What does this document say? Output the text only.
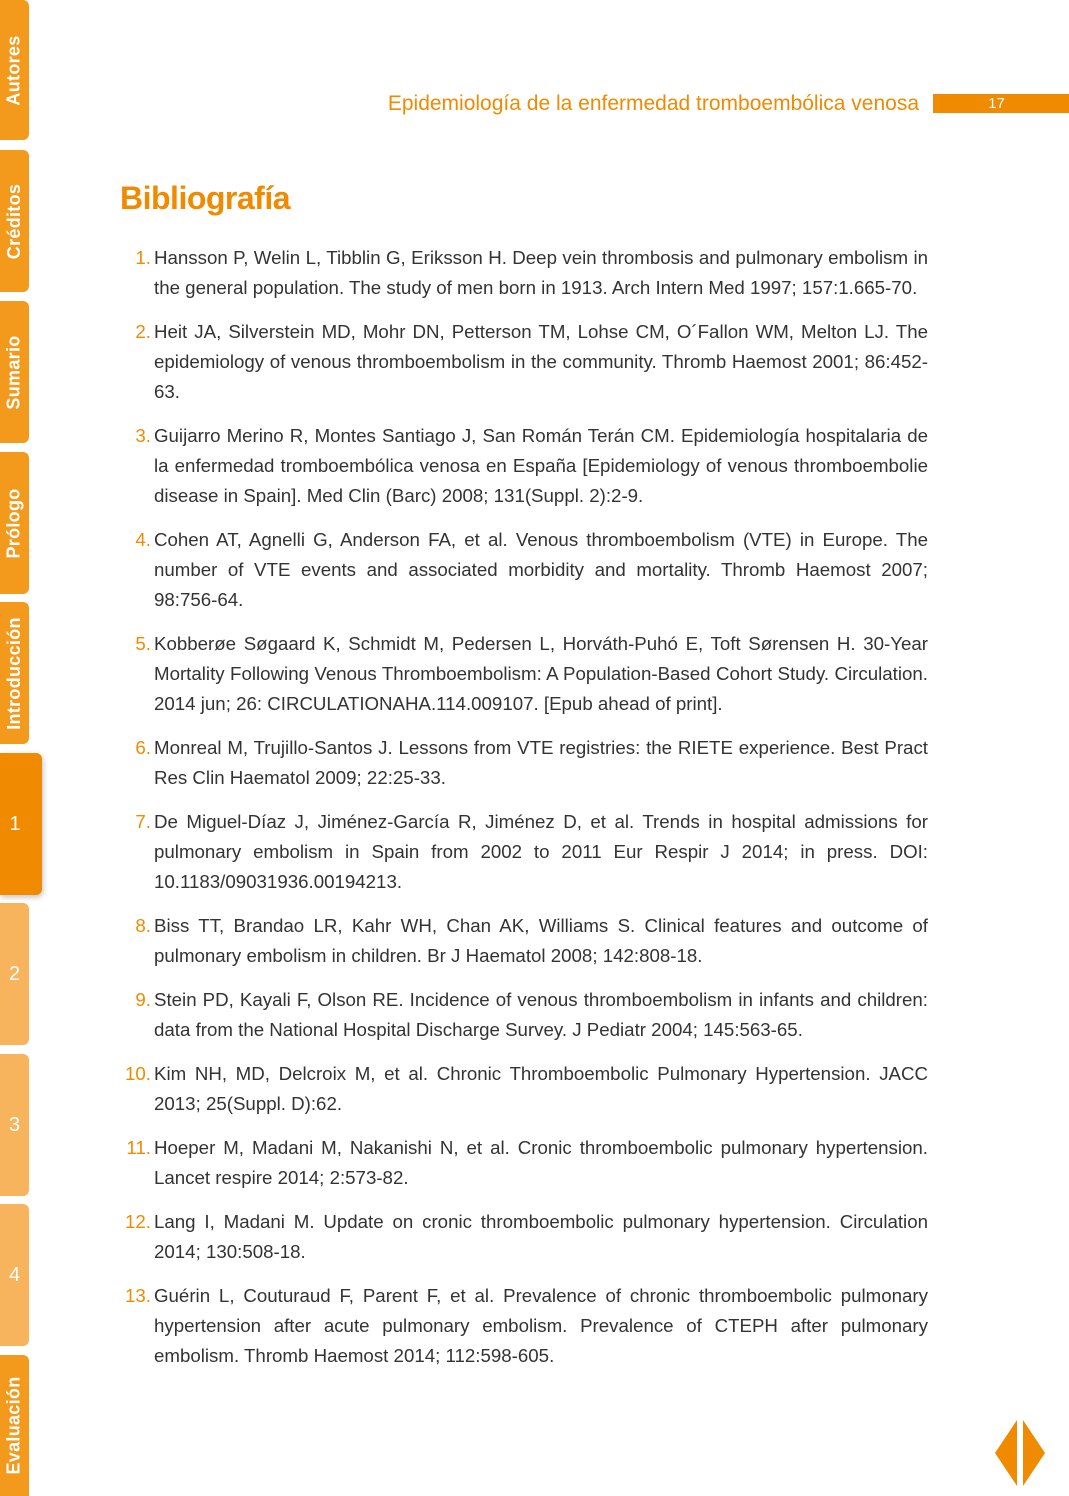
Autores
Créditos
Sumario
Prólogo
Introducción
1
2
3
4
Evaluación
Epidemiología de la enfermedad tromboembólica venosa	17
Bibliografía
1. Hansson P, Welin L, Tibblin G, Eriksson H. Deep vein thrombosis and pulmonary embolism in the general population. The study of men born in 1913. Arch Intern Med 1997; 157:1.665-70.
2. Heit JA, Silverstein MD, Mohr DN, Petterson TM, Lohse CM, O´Fallon WM, Melton LJ. The epidemiology of venous thromboembolism in the community. Thromb Haemost 2001; 86:452-63.
3. Guijarro Merino R, Montes Santiago J, San Román Terán CM. Epidemiología hospitalaria de la enfermedad tromboembólica venosa en España [Epidemiology of venous thromboembolie disease in Spain]. Med Clin (Barc) 2008; 131(Suppl. 2):2-9.
4. Cohen AT, Agnelli G, Anderson FA, et al. Venous thromboembolism (VTE) in Europe. The number of VTE events and associated morbidity and mortality. Thromb Haemost 2007; 98:756-64.
5. Kobberøe Søgaard K, Schmidt M, Pedersen L, Horváth-Puhó E, Toft Sørensen H. 30-Year Mortality Following Venous Thromboembolism: A Population-Based Cohort Study. Circulation. 2014 jun; 26: CIRCULATIONAHA.114.009107. [Epub ahead of print].
6. Monreal M, Trujillo-Santos J. Lessons from VTE registries: the RIETE experience. Best Pract Res Clin Haematol 2009; 22:25-33.
7. De Miguel-Díaz J, Jiménez-García R, Jiménez D, et al. Trends in hospital admissions for pulmonary embolism in Spain from 2002 to 2011 Eur Respir J 2014; in press. DOI: 10.1183/09031936.00194213.
8. Biss TT, Brandao LR, Kahr WH, Chan AK, Williams S. Clinical features and outcome of pulmonary embolism in children. Br J Haematol 2008; 142:808-18.
9. Stein PD, Kayali F, Olson RE. Incidence of venous thromboembolism in infants and children: data from the National Hospital Discharge Survey. J Pediatr 2004; 145:563-65.
10. Kim NH, MD, Delcroix M, et al. Chronic Thromboembolic Pulmonary Hypertension. JACC 2013; 25(Suppl. D):62.
11. Hoeper M, Madani M, Nakanishi N, et al. Cronic thromboembolic pulmonary hypertension. Lancet respire 2014; 2:573-82.
12. Lang I, Madani M. Update on cronic thromboembolic pulmonary hypertension. Circulation 2014; 130:508-18.
13. Guérin L, Couturaud F, Parent F, et al. Prevalence of chronic thromboembolic pulmonary hypertension after acute pulmonary embolism. Prevalence of CTEPH after pulmonary embolism. Thromb Haemost 2014; 112:598-605.
